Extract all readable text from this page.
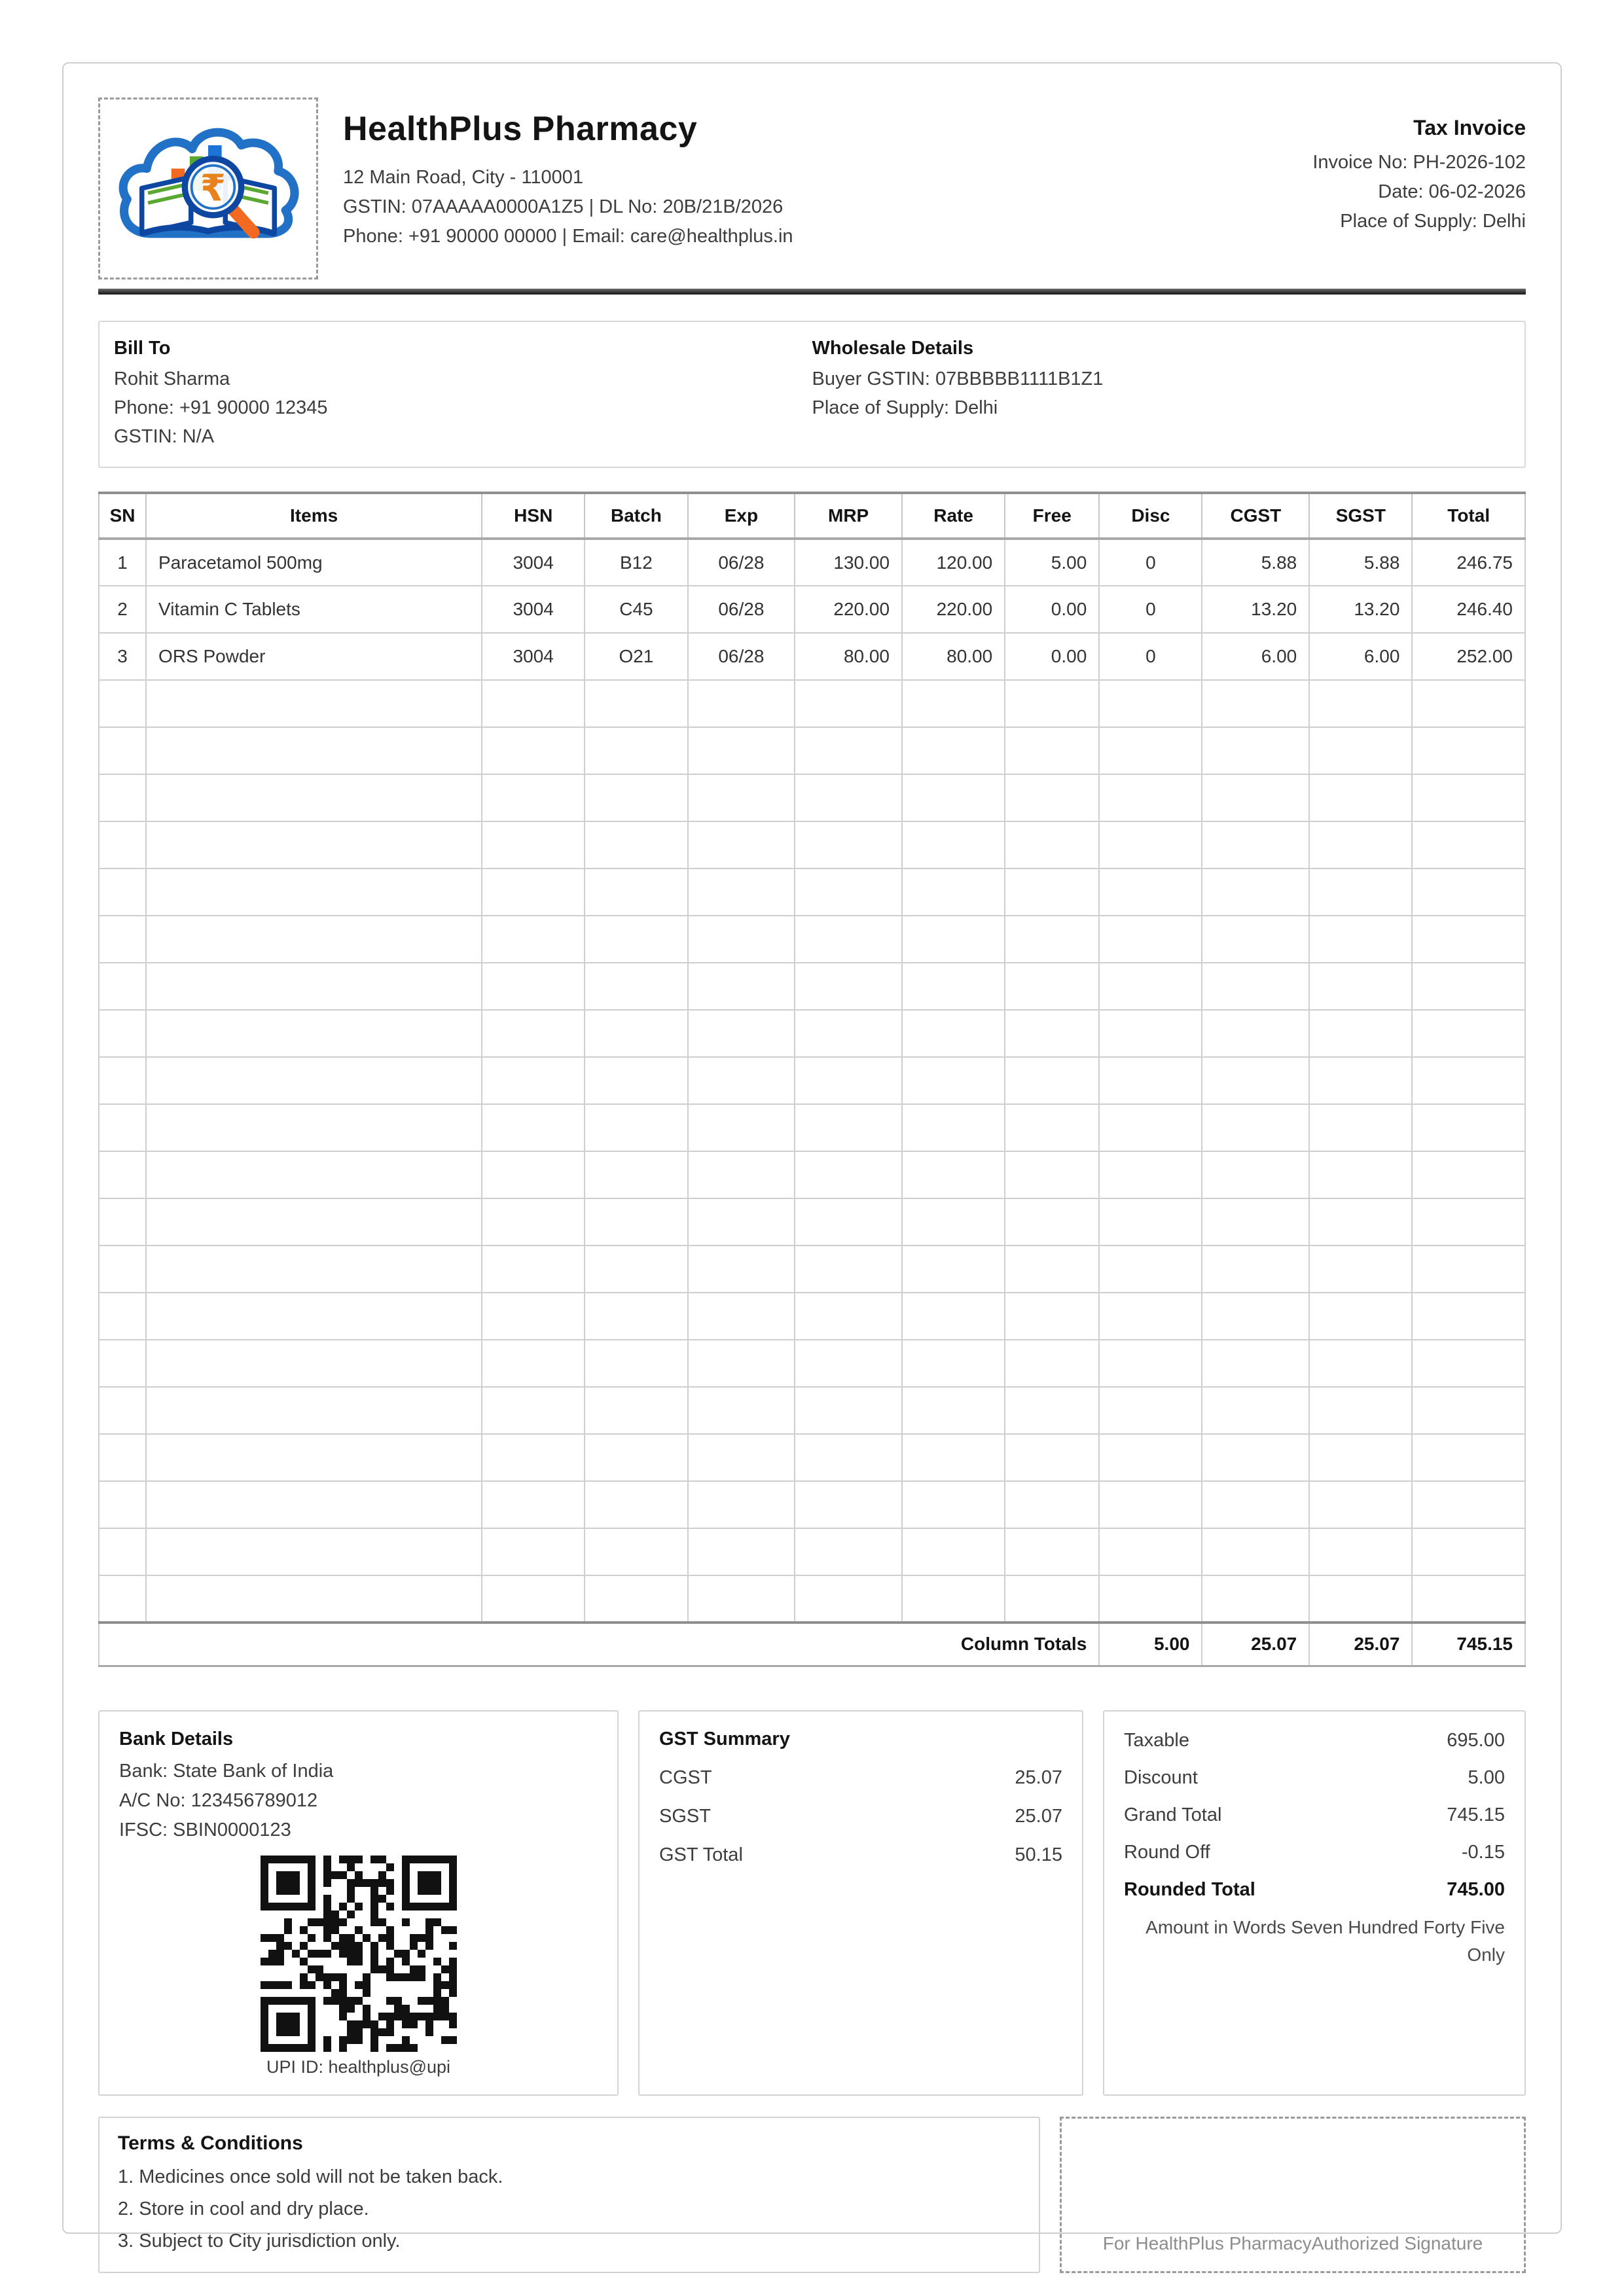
₹
HealthPlus Pharmacy
12 Main Road, City - 110001
GSTIN: 07AAAAA0000A1Z5 | DL No: 20B/21B/2026
Phone: +91 90000 00000 | Email: care@healthplus.in
Tax Invoice
Invoice No: PH-2026-102
Date: 06-02-2026
Place of Supply: Delhi
Bill To
Rohit Sharma
Phone: +91 90000 12345
GSTIN: N/A
Wholesale Details
Buyer GSTIN: 07BBBBB1111B1Z1
Place of Supply: Delhi
SN	Items	HSN	Batch	Exp	MRP	Rate	Free	Disc	CGST	SGST	Total
1	Paracetamol 500mg	3004	B12	06/28	130.00	120.00	5.00	0	5.88	5.88	246.75
2	Vitamin C Tablets	3004	C45	06/28	220.00	220.00	0.00	0	13.20	13.20	246.40
3	ORS Powder	3004	O21	06/28	80.00	80.00	0.00	0	6.00	6.00	252.00

Column Totals								5.00	25.07	25.07	745.15
Bank Details
Bank: State Bank of India
A/C No: 123456789012
IFSC: SBIN0000123
UPI ID: healthplus@upi
GST Summary
CGST	25.07
SGST	25.07
GST Total	50.15
Taxable	695.00
Discount	5.00
Grand Total	745.15
Round Off	-0.15
Rounded Total	745.00
Amount in Words Seven Hundred Forty Five Only
Terms & Conditions
1. Medicines once sold will not be taken back.
2. Store in cool and dry place.
3. Subject to City jurisdiction only.	For HealthPlus PharmacyAuthorized Signature
